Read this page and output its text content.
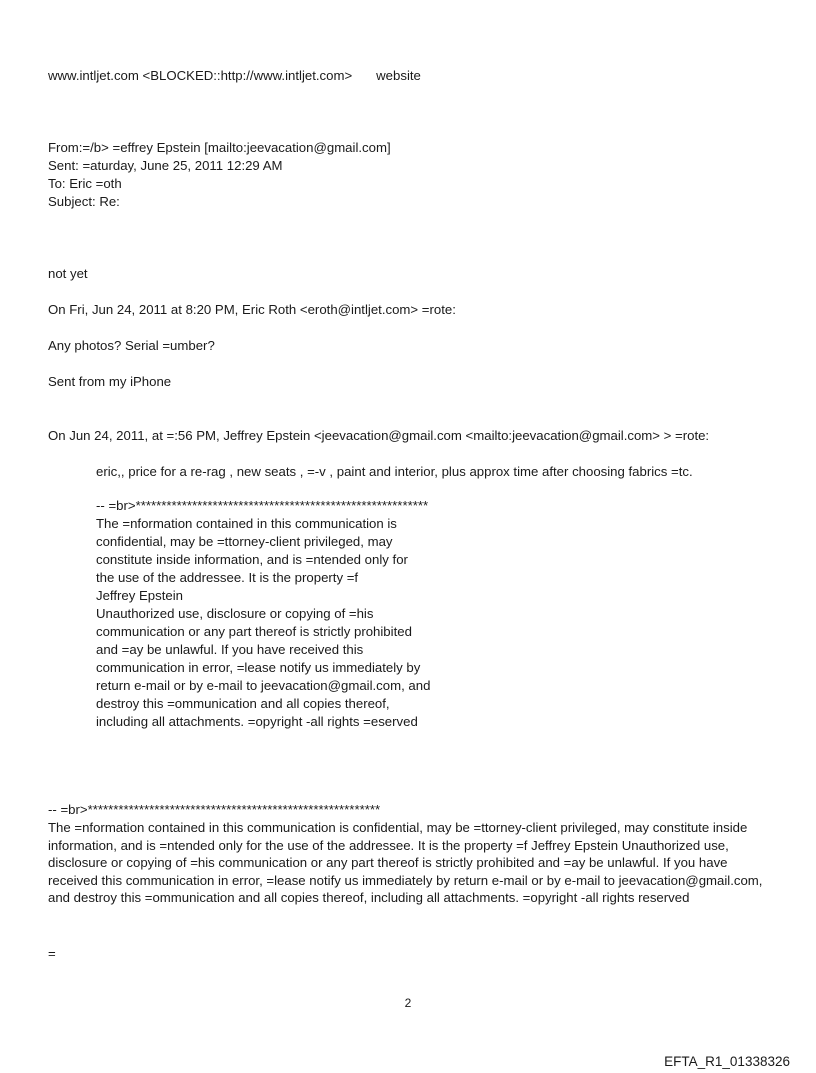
www.intljet.com <BLOCKED::http://www.intljet.com> website

From:=/b> =effrey Epstein [mailto:jeevacation@gmail.com]

Sent: =aturday, June 25, 2011 12:29 AM

To: Eric =oth

Subject: Re:

not yet

On Fri, Jun 24, 2011 at 8:20 PM, Eric Roth <eroth@intljet.com> =rote:

Any photos? Serial =umber?

Sent from my iPhone

On Jun 24, 2011, at =:56 PM, Jeffrey Epstein <jeevacation@gmail.com <mailto:jeevacation@gmail.com> > =rote:

eric,, price for a re-rag , new seats , =-v , paint and interior, plus approx time after choosing fabrics =tc.

-- =br>*********************************************************

The =nformation contained in this communication is

confidential, may be =ttorney-client privileged, may

constitute inside information, and is =ntended only for

the use of the addressee. It is the property =f

Jeffrey Epstein

Unauthorized use, disclosure or copying of =his

communication or any part thereof is strictly prohibited

and =ay be unlawful. If you have received this

communication in error, =lease notify us immediately by

return e-mail or by e-mail to jeevacation@gmail.com, and

destroy this =ommunication and all copies thereof,

including all attachments. =opyright -all rights =eserved

-- =br>*********************************************************

The =nformation contained in this communication is confidential, may be =ttorney-client privileged, may constitute inside information, and is =ntended only for the use of the addressee. It is the property =f Jeffrey Epstein Unauthorized use, disclosure or copying of =his communication or any part thereof is strictly prohibited and =ay be unlawful. If you have received this communication in error, =lease notify us immediately by return e-mail or by e-mail to jeevacation@gmail.com, and destroy this =ommunication and all copies thereof, including all attachments. =opyright -all rights reserved

=

2
EFTA_R1_01338326
